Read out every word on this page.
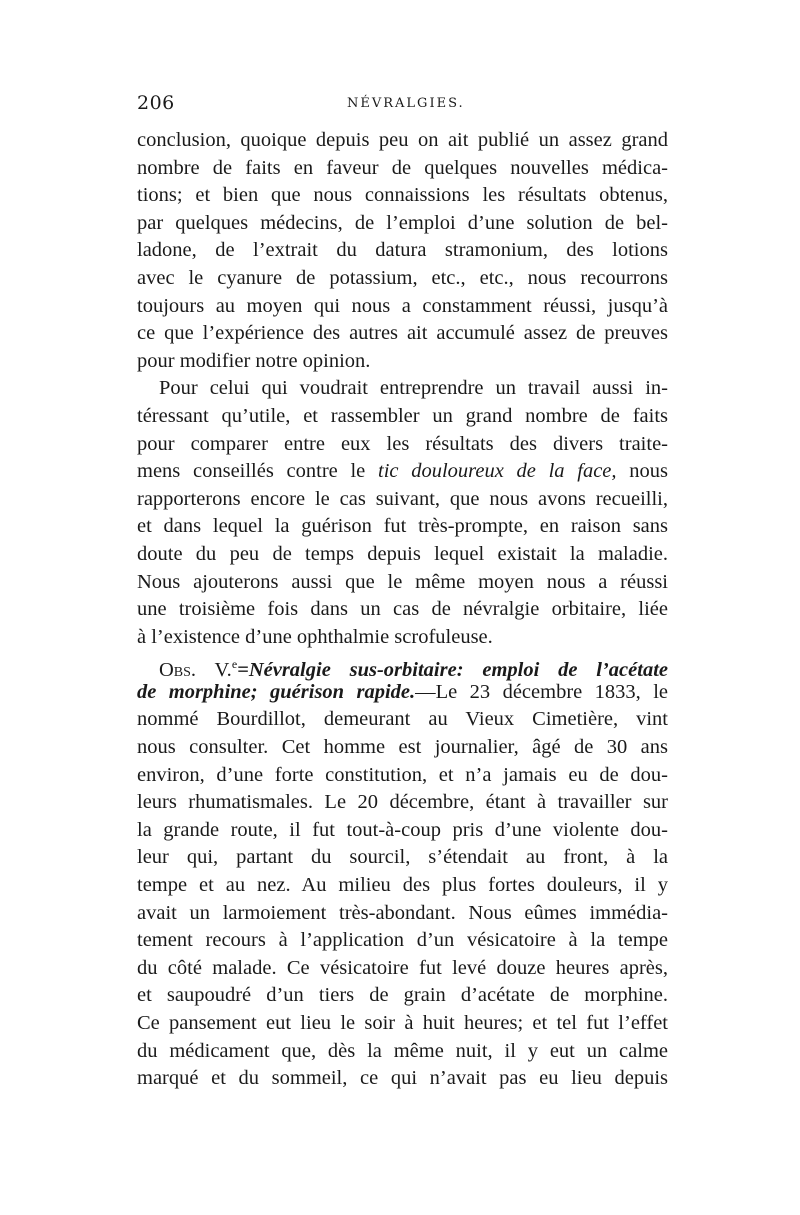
206	NÉVRALGIES.
conclusion, quoique depuis peu on ait publié un assez grand
nombre de faits en faveur de quelques nouvelles médica-
tions; et bien que nous connaissions les résultats obtenus,
par quelques médecins, de l’emploi d’une solution de bel-
ladone, de l’extrait du datura stramonium, des lotions
avec le cyanure de potassium, etc., etc., nous recourrons
toujours au moyen qui nous a constamment réussi, jusqu’à
ce que l’expérience des autres ait accumulé assez de preuves
pour modifier notre opinion.
Pour celui qui voudrait entreprendre un travail aussi in-
téressant qu’utile, et rassembler un grand nombre de faits
pour comparer entre eux les résultats des divers traite-
mens conseillés contre le tic douloureux de la face, nous
rapporterons encore le cas suivant, que nous avons recueilli,
et dans lequel la guérison fut très-prompte, en raison sans
doute du peu de temps depuis lequel existait la maladie.
Nous ajouterons aussi que le même moyen nous a réussi
une troisième fois dans un cas de névralgie orbitaire, liée
à l’existence d’une ophthalmie scrofuleuse.
Obs. V.$^e$=Névralgie sus-orbitaire: emploi de l’acétate
de morphine; guérison rapide.—Le 23 décembre 1833, le
nommé Bourdillot, demeurant au Vieux Cimetière, vint
nous consulter. Cet homme est journalier, âgé de 30 ans
environ, d’une forte constitution, et n’a jamais eu de dou-
leurs rhumatismales. Le 20 décembre, étant à travailler sur
la grande route, il fut tout-à-coup pris d’une violente dou-
leur qui, partant du sourcil, s’étendait au front, à la
tempe et au nez. Au milieu des plus fortes douleurs, il y
avait un larmoiement très-abondant. Nous eûmes immédia-
tement recours à l’application d’un vésicatoire à la tempe
du côté malade. Ce vésicatoire fut levé douze heures après,
et saupoudré d’un tiers de grain d’acétate de morphine.
Ce pansement eut lieu le soir à huit heures; et tel fut l’effet
du médicament que, dès la même nuit, il y eut un calme
marqué et du sommeil, ce qui n’avait pas eu lieu depuis
